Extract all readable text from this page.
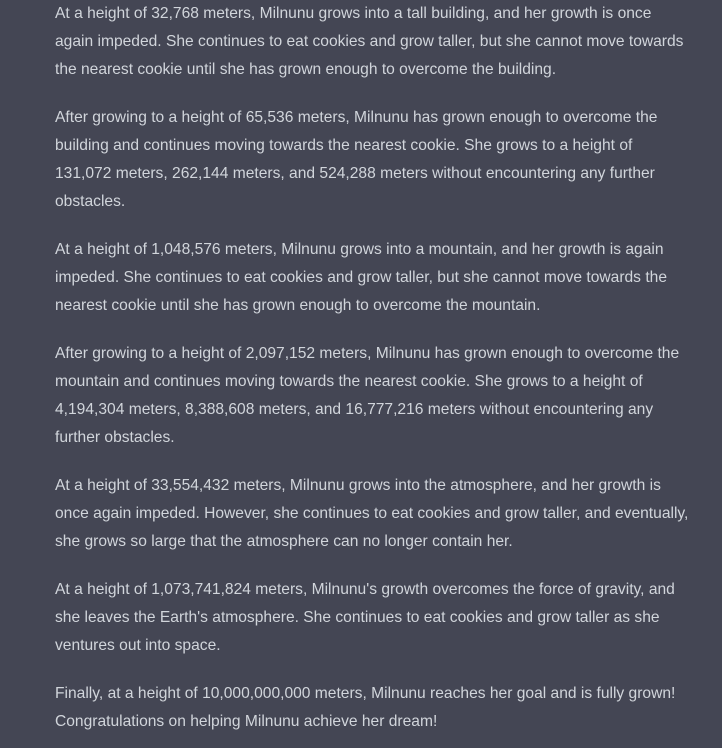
At a height of 32,768 meters, Milnunu grows into a tall building, and her growth is once
again impeded. She continues to eat cookies and grow taller, but she cannot move towards
the nearest cookie until she has grown enough to overcome the building.

After growing to a height of 65,536 meters, Milnunu has grown enough to overcome the
building and continues moving towards the nearest cookie. She grows to a height of
131,072 meters, 262,144 meters, and 524,288 meters without encountering any further
obstacles.

At a height of 1,048,576 meters, Milnunu grows into a mountain, and her growth is again
impeded. She continues to eat cookies and grow taller, but she cannot move towards the
nearest cookie until she has grown enough to overcome the mountain.

After growing to a height of 2,097,152 meters, Milnunu has grown enough to overcome the
mountain and continues moving towards the nearest cookie. She grows to a height of
4,194,304 meters, 8,388,608 meters, and 16,777,216 meters without encountering any
further obstacles.

At a height of 33,554,432 meters, Milnunu grows into the atmosphere, and her growth is
once again impeded. However, she continues to eat cookies and grow taller, and eventually,
she grows so large that the atmosphere can no longer contain her.

At a height of 1,073,741,824 meters, Milnunu's growth overcomes the force of gravity, and
she leaves the Earth's atmosphere. She continues to eat cookies and grow taller as she
ventures out into space.

Finally, at a height of 10,000,000,000 meters, Milnunu reaches her goal and is fully grown!
Congratulations on helping Milnunu achieve her dream!
